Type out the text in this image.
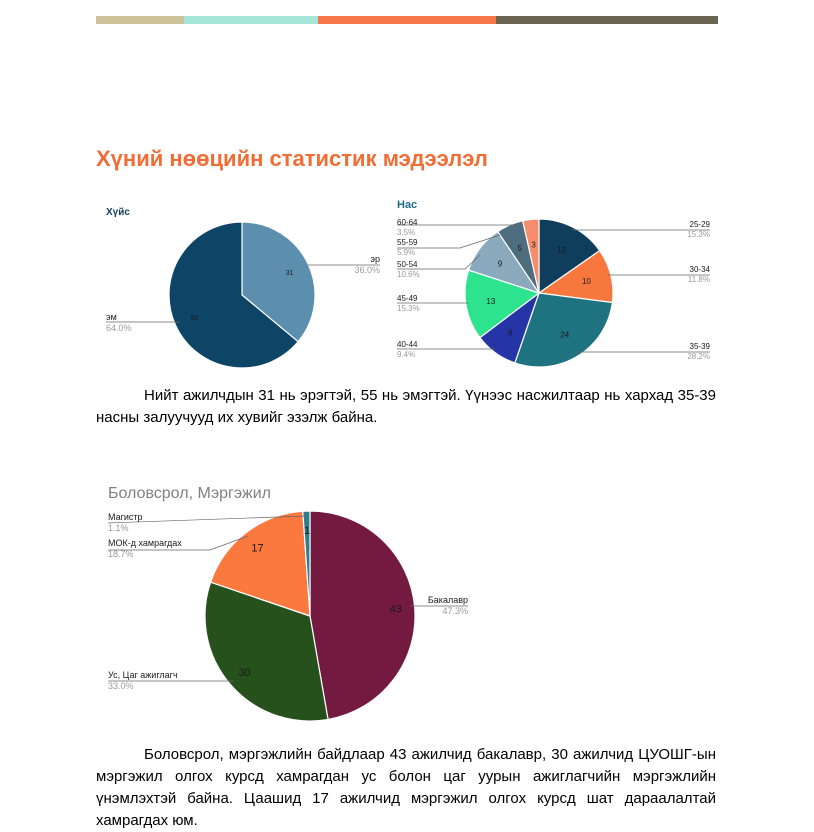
Хүний нөөцийн статистик мэдээлэл
Хүйс
31
эр
36.0%
55
эм
64.0%
Нас
13
25-29
15.3%
10
30-34
11.8%
24
35-39
28.2%
8
40-44
9.4%
13
45-49
15.3%
9
50-54
10.6%
5
55-59
5.9%
3
60-64
3.5%
Боловсрол, Мэргэжил
43
Бакалавр
47.3%
30
Ус, Цаг ажиглагч
33.0%
17
МОК-д хамрагдах
18.7%
1
Магистр
1.1%

Нийт ажилчдын 31 нь эрэгтэй, 55 нь эмэгтэй. Үүнээс насжилтаар нь хархад 35-39 насны залуучууд их хувийг эзэлж байна.

Боловсрол, мэргэжлийн байдлаар 43 ажилчид бакалавр, 30 ажилчид ЦУОШГ-ын мэргэжил олгох курсд хамрагдан ус болон цаг уурын ажиглагчийн мэргэжлийн үнэмлэхтэй байна. Цаашид 17 ажилчид мэргэжил олгох курсд шат дараалалтай хамрагдах юм.
